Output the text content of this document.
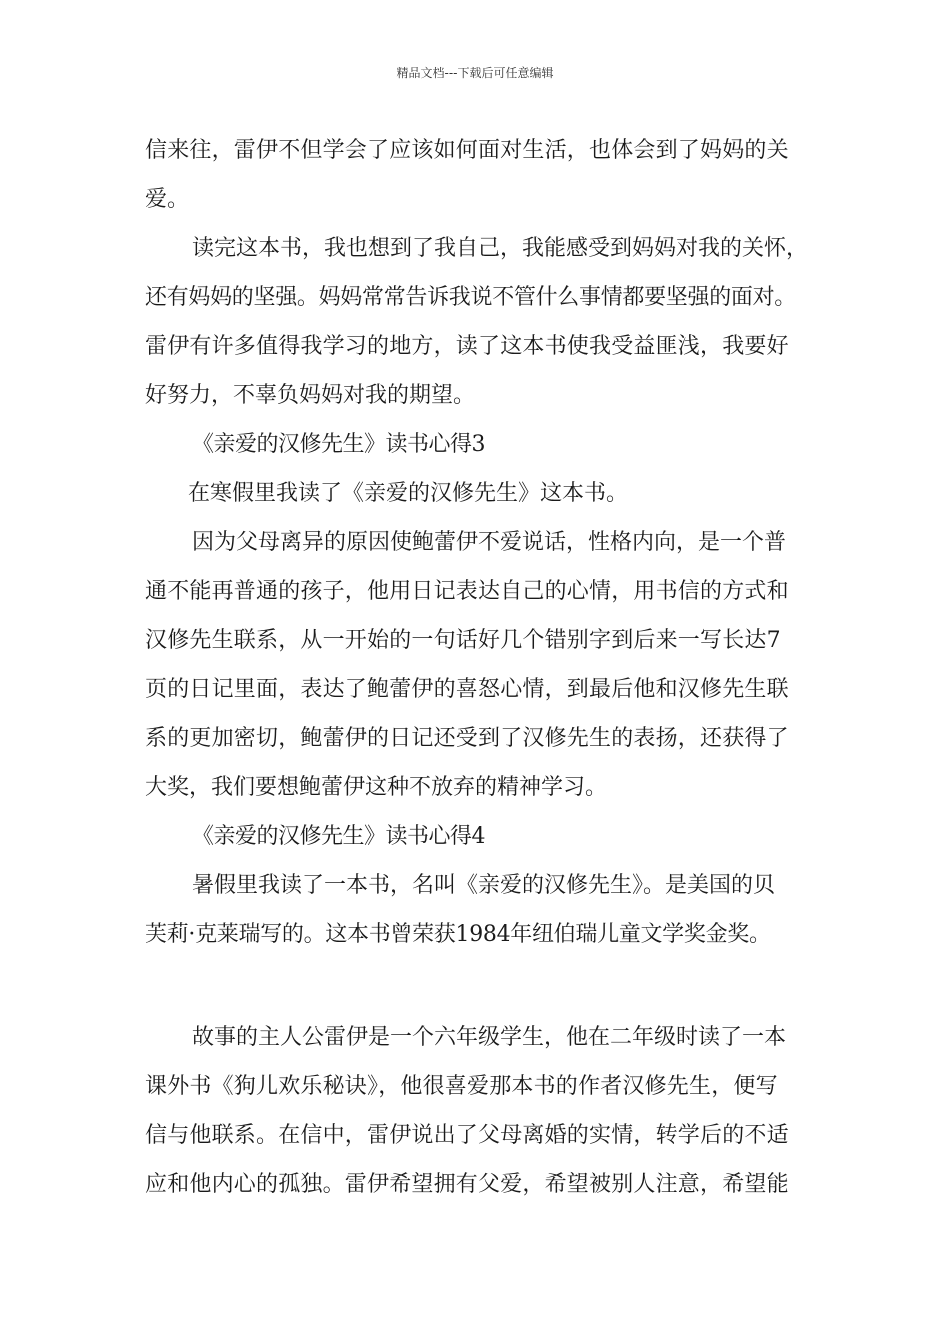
精品文档---下载后可任意编辑
信来往，雷伊不但学会了应该如何面对生活，也体会到了妈妈的关
爱。
读完这本书，我也想到了我自己，我能感受到妈妈对我的关怀，
还有妈妈的坚强。妈妈常常告诉我说不管什么事情都要坚强的面对。
雷伊有许多值得我学习的地方，读了这本书使我受益匪浅，我要好
好努力，不辜负妈妈对我的期望。
《亲爱的汉修先生》读书心得3
在寒假里我读了《亲爱的汉修先生》这本书。
因为父母离异的原因使鲍蕾伊不爱说话，性格内向，是一个普
通不能再普通的孩子，他用日记表达自己的心情，用书信的方式和
汉修先生联系，从一开始的一句话好几个错别字到后来一写长达7
页的日记里面，表达了鲍蕾伊的喜怒心情，到最后他和汉修先生联
系的更加密切，鲍蕾伊的日记还受到了汉修先生的表扬，还获得了
大奖，我们要想鲍蕾伊这种不放弃的精神学习。
《亲爱的汉修先生》读书心得4
暑假里我读了一本书，名叫《亲爱的汉修先生》。是美国的贝
芙莉·克莱瑞写的。这本书曾荣获1984年纽伯瑞儿童文学奖金奖。
故事的主人公雷伊是一个六年级学生，他在二年级时读了一本
课外书《狗儿欢乐秘诀》，他很喜爱那本书的作者汉修先生，便写
信与他联系。在信中，雷伊说出了父母离婚的实情，转学后的不适
应和他内心的孤独。雷伊希望拥有父爱，希望被别人注意，希望能
